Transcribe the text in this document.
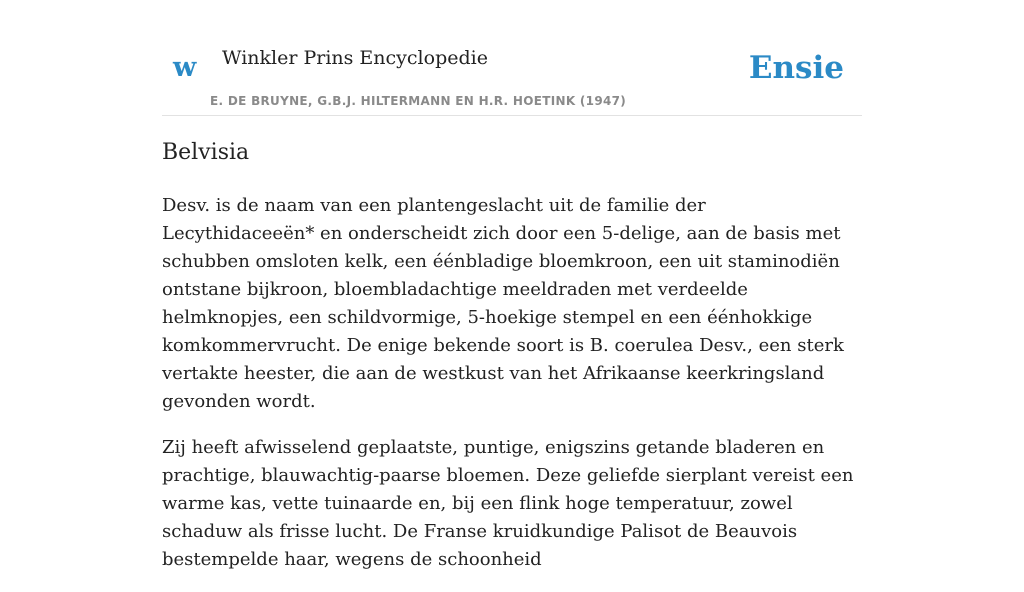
w Winkler Prins Encyclopedie
E. DE BRUYNE, G.B.J. HILTERMANN EN H.R. HOETINK (1947)
Ensie
Belvisia

Desv. is de naam van een plantengeslacht uit de familie der Lecythidaceeën* en onderscheidt zich door een 5-delige, aan de basis met schubben omsloten kelk, een éénbladige bloemkroon, een uit staminodiën ontstane bijkroon, bloembladachtige meeldraden met verdeelde helmknopjes, een schildvormige, 5-hoekige stempel en een éénhokkige komkommervrucht. De enige bekende soort is B. coerulea Desv., een sterk vertakte heester, die aan de westkust van het Afrikaanse keerkringsland gevonden wordt.

Zij heeft afwisselend geplaatste, puntige, enigszins getande bladeren en prachtige, blauwachtig-paarse bloemen. Deze geliefde sierplant vereist een warme kas, vette tuinaarde en, bij een flink hoge temperatuur, zowel schaduw als frisse lucht. De Franse kruidkundige Palisot de Beauvois bestempelde haar, wegens de schoonheid
